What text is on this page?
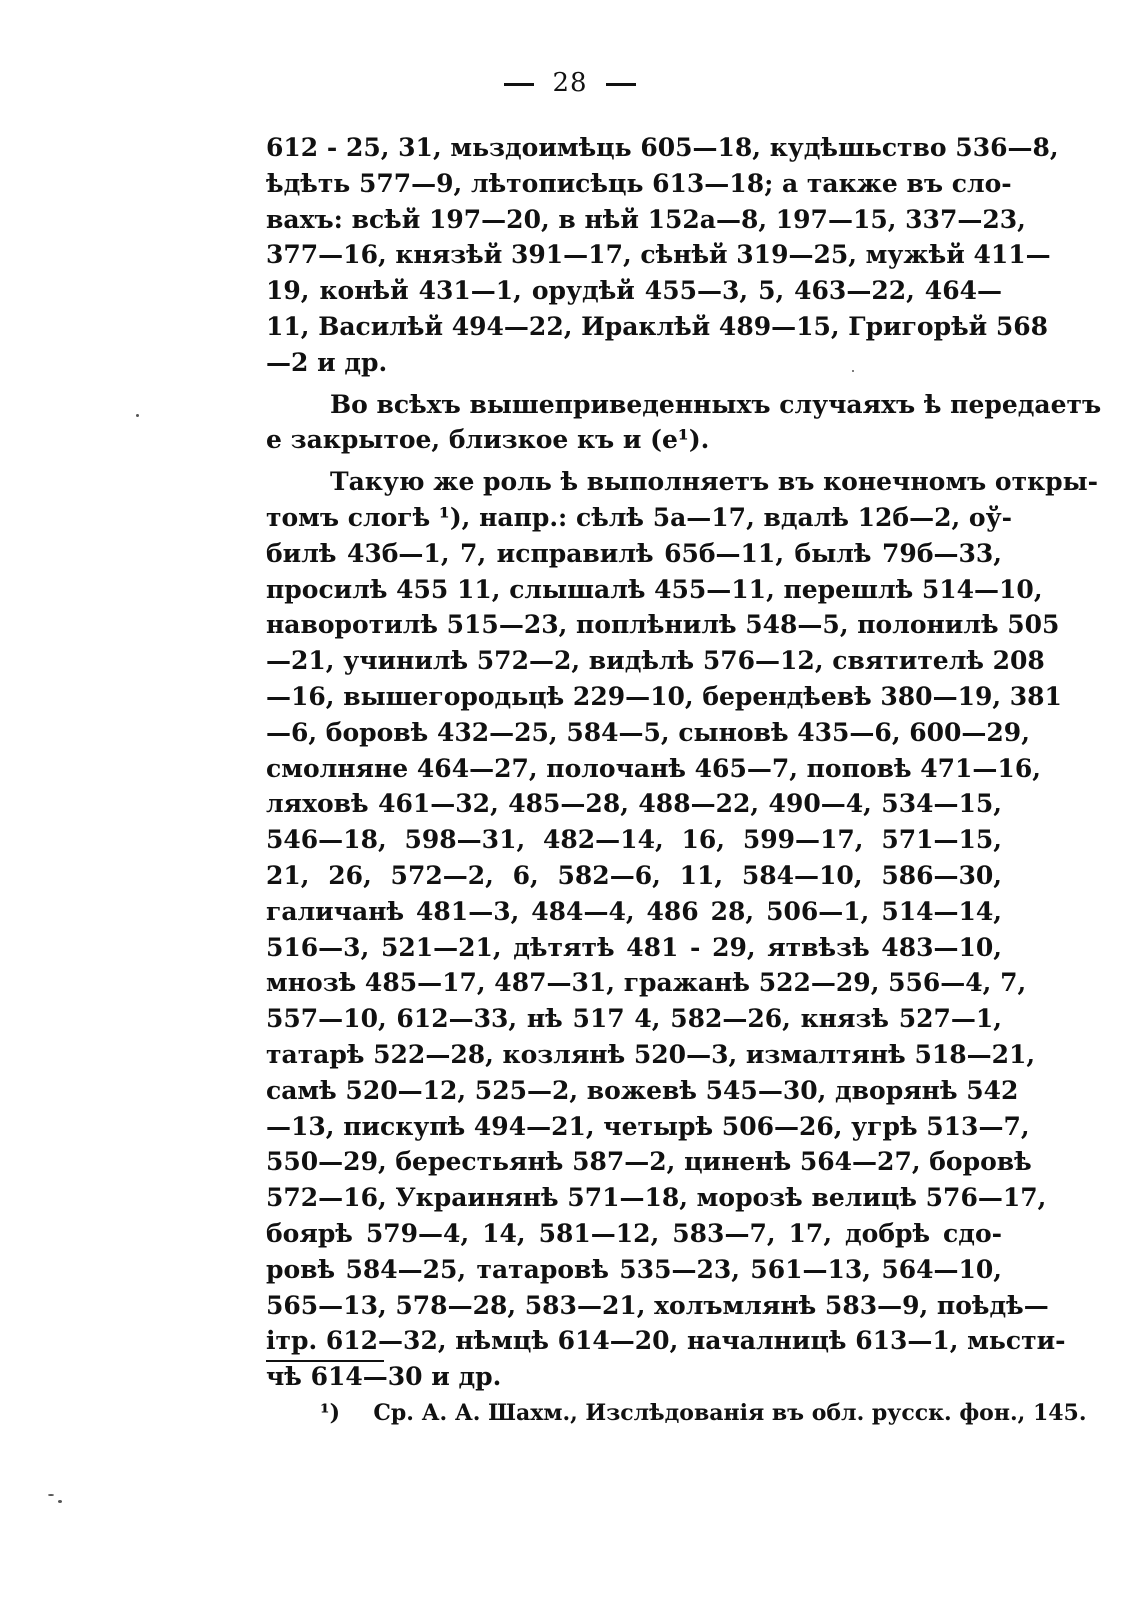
28
612 - 25, 31, мьздоимѣць 605—18, кудѣшьство 536—8,
ѣдѣть 577—9, лѣтописѣць 613—18; а также въ сло-
вахъ: всѣй 197—20, в нѣй 152а—8, 197—15, 337—23,
377—16, князѣй 391—17, сѣнѣй 319—25, мужѣй 411—
19, конѣй 431—1, орудѣй 455—3, 5, 463—22, 464—
11, Василѣй 494—22, Ираклѣй 489—15, Григорѣй 568
—2 и др.
Во всѣхъ вышеприведенныхъ случаяхъ ѣ передаетъ
е закрытое, близкое къ и (е¹).
Такую же роль ѣ выполняетъ въ конечномъ откры-
томъ слогѣ ¹), напр.: сѣлѣ 5а—17, вдалѣ 12б—2, оў-
билѣ 43б—1, 7, исправилѣ 65б—11, былѣ 79б—33,
просилѣ 455 11, слышалѣ 455—11, перешлѣ 514—10,
наворотилѣ 515—23, поплѣнилѣ 548—5, полонилѣ 505
—21, учинилѣ 572—2, видѣлѣ 576—12, святителѣ 208
—16, вышегородьцѣ 229—10, берендѣевѣ 380—19, 381
—6, боровѣ 432—25, 584—5, сыновѣ 435—6, 600—29,
смолняне 464—27, полочанѣ 465—7, поповѣ 471—16,
ляховѣ 461—32, 485—28, 488—22, 490—4, 534—15,
546—18, 598—31, 482—14, 16, 599—17, 571—15,
21, 26, 572—2, 6, 582—6, 11, 584—10, 586—30,
галичанѣ 481—3, 484—4, 486 28, 506—1, 514—14,
516—3, 521—21, дѣтятѣ 481 - 29, ятвѣзѣ 483—10,
мнозѣ 485—17, 487—31, гражанѣ 522—29, 556—4, 7,
557—10, 612—33, нѣ 517 4, 582—26, князѣ 527—1,
татарѣ 522—28, козлянѣ 520—3, измалтянѣ 518—21,
самѣ 520—12, 525—2, вожевѣ 545—30, дворянѣ 542
—13, пискупѣ 494—21, четырѣ 506—26, угрѣ 513—7,
550—29, берестьянѣ 587—2, циненѣ 564—27, боровѣ
572—16, Украинянѣ 571—18, морозѣ велицѣ 576—17,
боярѣ 579—4, 14, 581—12, 583—7, 17, добрѣ сдо-
ровѣ 584—25, татаровѣ 535—23, 561—13, 564—10,
565—13, 578—28, 583—21, холъмлянѣ 583—9, поѣдѣ—
ітр. 612—32, нѣмцѣ 614—20, началницѣ 613—1, мьсти-
чѣ 614—30 и др.
¹) Ср. А. А. Шахм., Изслѣдованія въ обл. русск. фон., 145.
